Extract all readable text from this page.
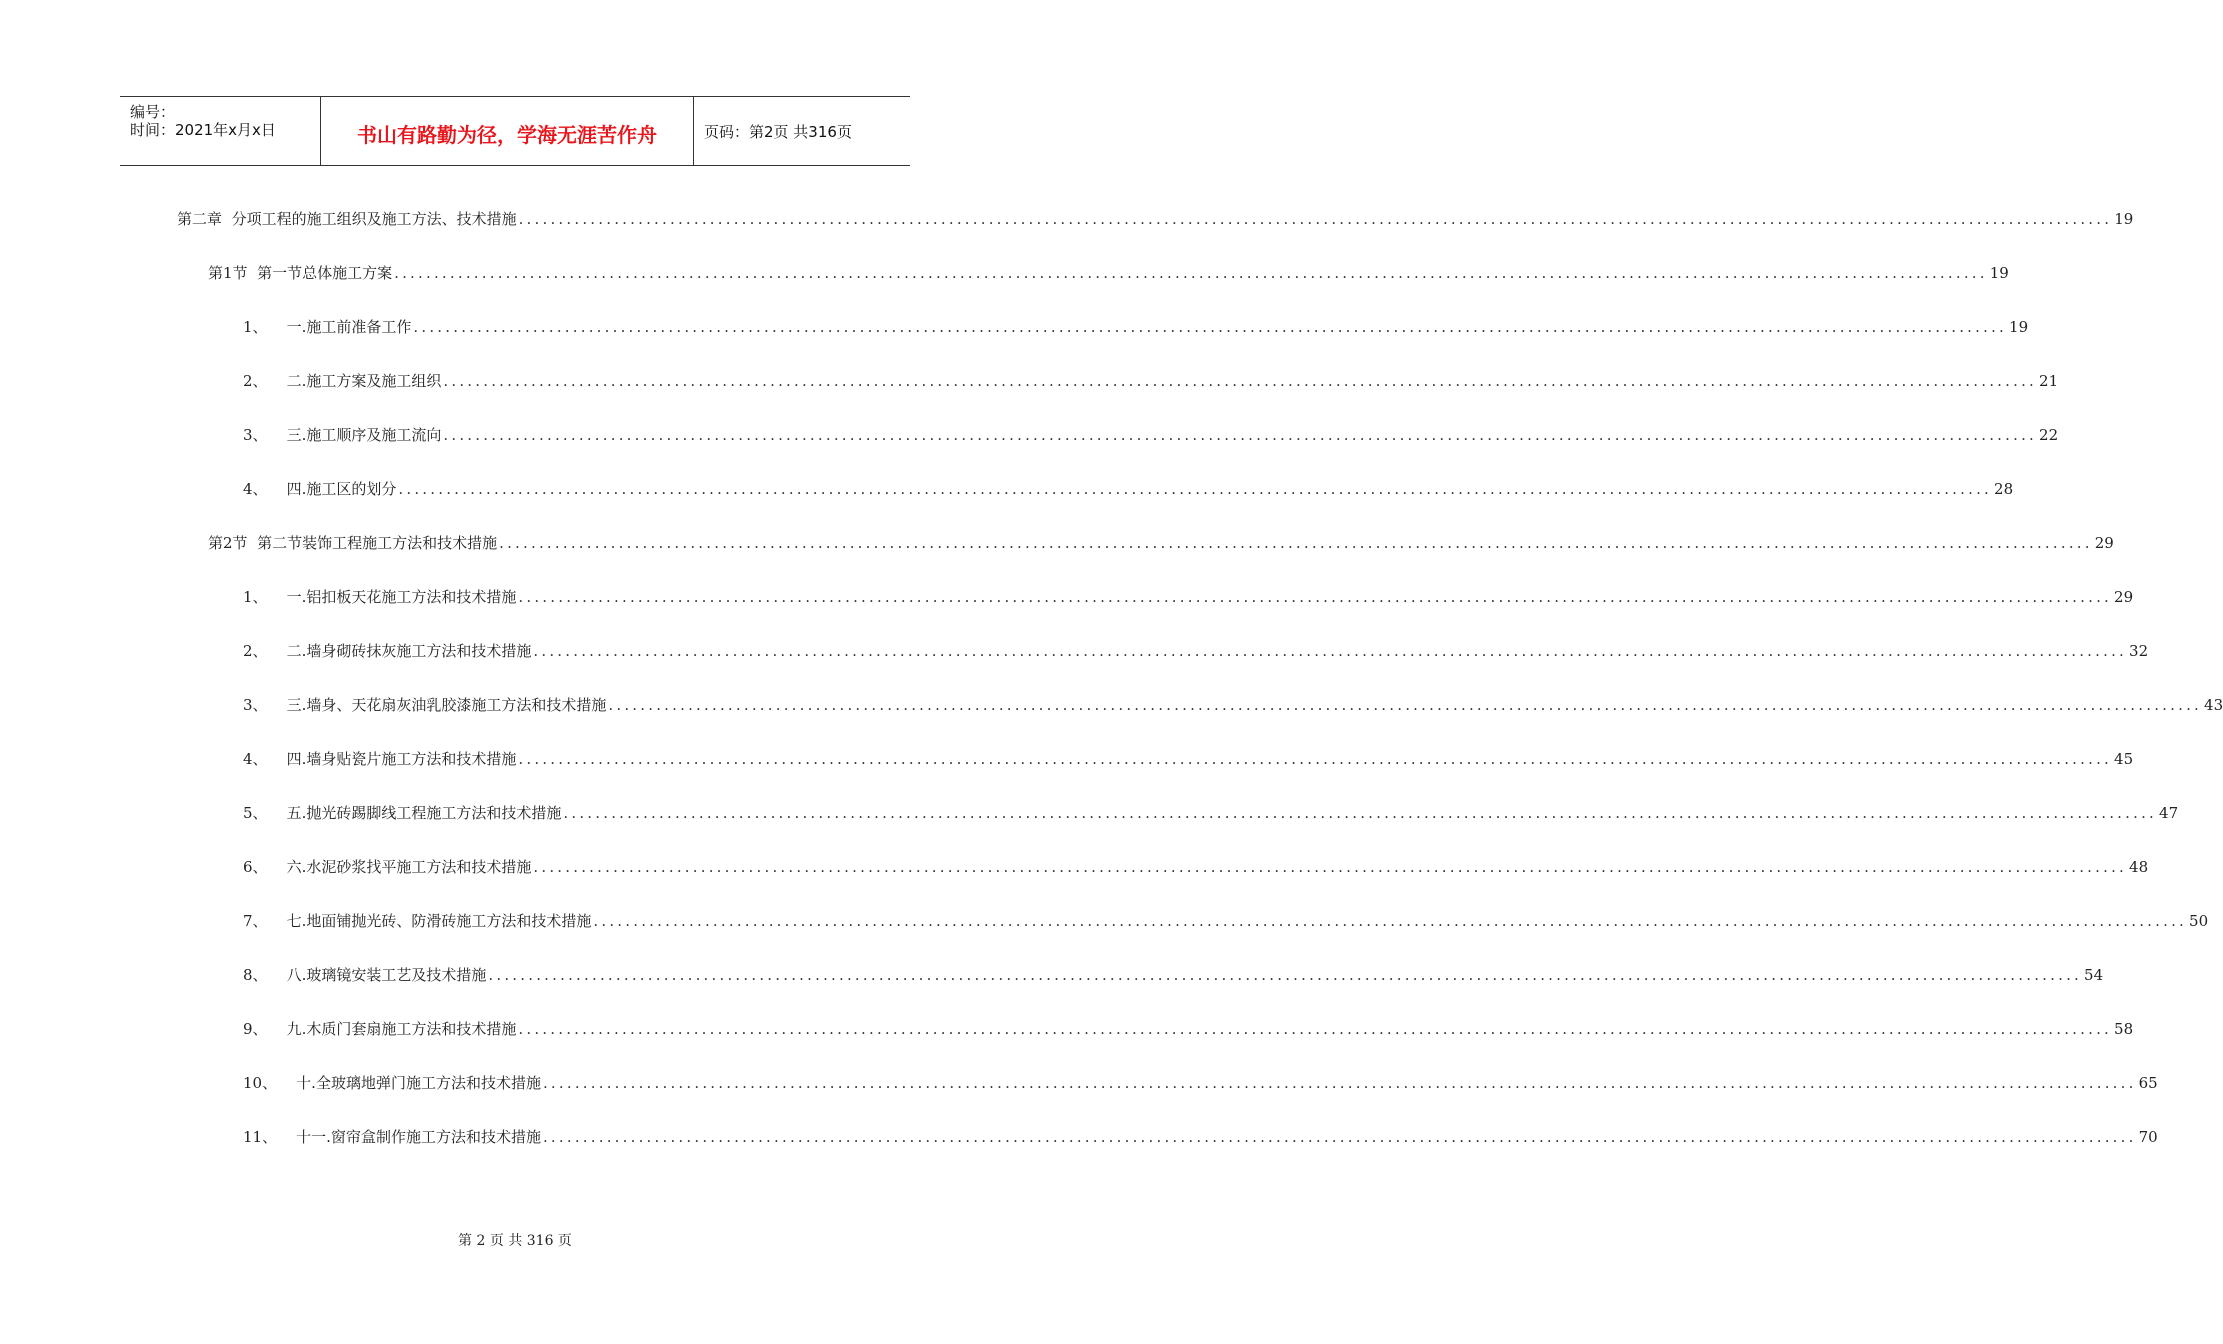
编号：
时间：2021年x月x日	书山有路勤为径，学海无涯苦作舟	页码：第2页 共316页
第二章
分项工程的施工组织及施工方法、技术措施 ........................................................................................................................................................................................................ 19
第1节
第一节总体施工方案 ........................................................................................................................................................................................................ 19
1、
一.施工前准备工作 ........................................................................................................................................................................................................ 19
2、
二.施工方案及施工组织 ........................................................................................................................................................................................................ 21
3、
三.施工顺序及施工流向 ........................................................................................................................................................................................................ 22
4、
四.施工区的划分 ........................................................................................................................................................................................................ 28
第2节
第二节装饰工程施工方法和技术措施 ........................................................................................................................................................................................................ 29
1、
一.铝扣板天花施工方法和技术措施 ........................................................................................................................................................................................................ 29
2、
二.墙身砌砖抹灰施工方法和技术措施 ........................................................................................................................................................................................................ 32
3、
三.墙身、天花扇灰油乳胶漆施工方法和技术措施 ........................................................................................................................................................................................................ 43
4、
四.墙身贴瓷片施工方法和技术措施 ........................................................................................................................................................................................................ 45
5、
五.抛光砖踢脚线工程施工方法和技术措施 ........................................................................................................................................................................................................ 47
6、
六.水泥砂浆找平施工方法和技术措施 ........................................................................................................................................................................................................ 48
7、
七.地面铺抛光砖、防滑砖施工方法和技术措施 ........................................................................................................................................................................................................ 50
8、
八.玻璃镜安装工艺及技术措施 ........................................................................................................................................................................................................ 54
9、
九.木质门套扇施工方法和技术措施 ........................................................................................................................................................................................................ 58
10、
十.全玻璃地弹门施工方法和技术措施 ........................................................................................................................................................................................................ 65
11、
十一.窗帘盒制作施工方法和技术措施 ........................................................................................................................................................................................................ 70
第 2 页 共 316 页
